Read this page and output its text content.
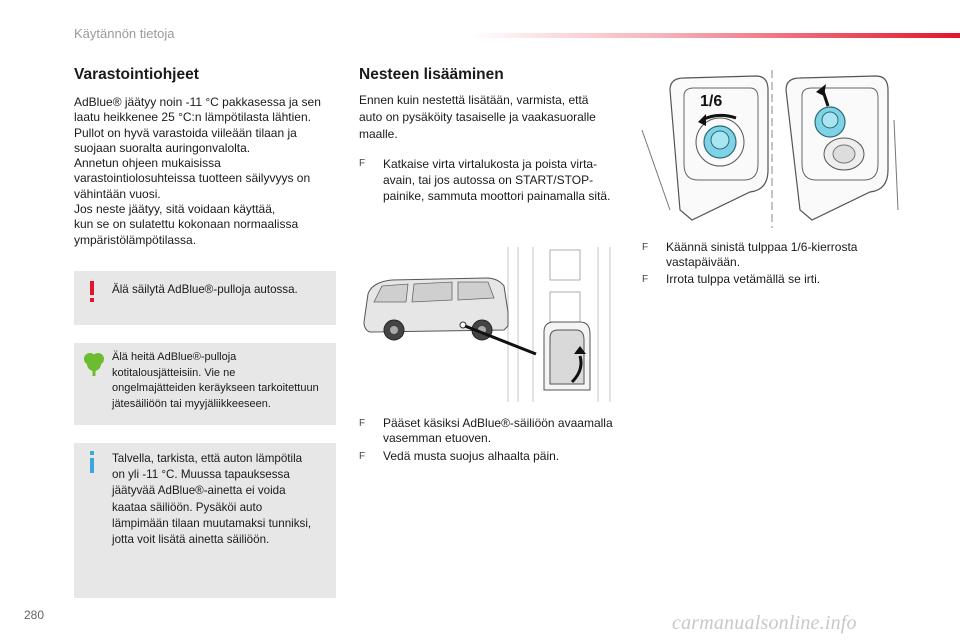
Käytännön tietoja
Varastointiohjeet

AdBlue® jäätyy noin -11 °C pakkasessa ja sen

laatu heikkenee 25 °C:n lämpötilasta lähtien.

Pullot on hyvä varastoida viileään tilaan ja

suojaan suoralta auringonvalolta.

Annetun ohjeen mukaisissa

varastointiolosuhteissa tuotteen säilyvyys on

vähintään vuosi.

Jos neste jäätyy, sitä voidaan käyttää,

kun se on sulatettu kokonaan normaalissa

ympäristölämpötilassa.

Älä säilytä AdBlue®-pulloja autossa.

Älä heitä AdBlue®-pulloja

kotitalousjätteisiin. Vie ne

ongelmajätteiden keräykseen tarkoitettuun

jätesäiliöön tai myyjäliikkeeseen.

Talvella, tarkista, että auton lämpötila

on yli -11 °C. Muussa tapauksessa

jäätyvää AdBlue®-ainetta ei voida

kaatаa säiliöön. Pysäköi auto

lämpimään tilaan muutamaksi tunniksi,

jotta voit lisätä ainetta säiliöön.

Nesteen lisääminen

Ennen kuin nestettä lisätään, varmista, että

auto on pysäköity tasaiselle ja vaakasuoralle

maalle.

F Katkaise virta virtalukosta ja poista virta-

avain, tai jos autossa on START/STOP-

painike, sammuta moottori painamalla sitä.

F Pääset käsiksi AdBlue®-säiliöön avaamalla

vasemman etuoven.

F Vedä musta suojus alhaalta päin.

1/6
F Käännä sinistä tulppaa 1/6-kierrosta

vastapäivään.

F Irrota tulppa vetämällä se irti.

280	carmanualsonline.info
